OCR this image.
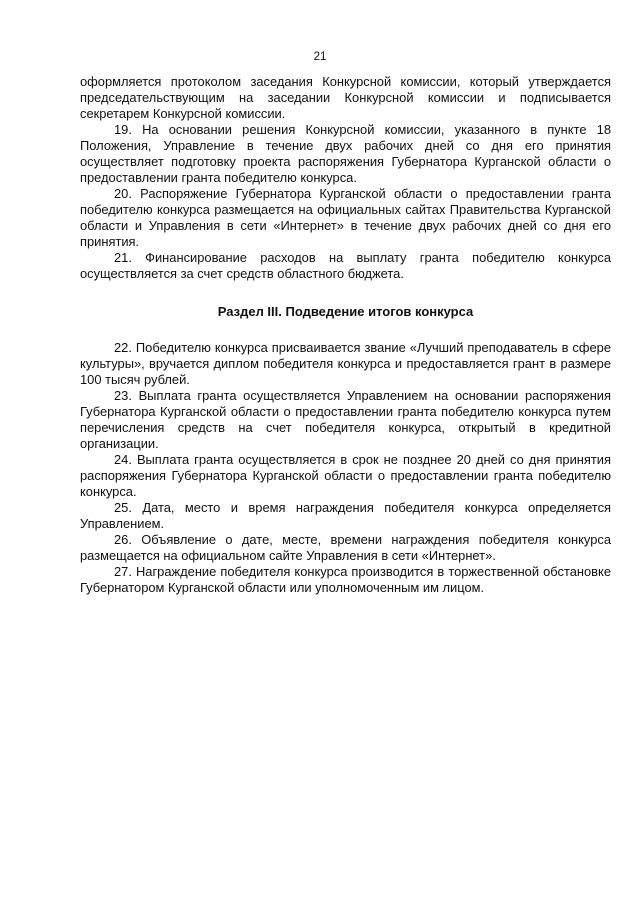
21

оформляется протоколом заседания Конкурсной комиссии, который утверждается председательствующим на заседании Конкурсной комиссии и подписывается секретарем Конкурсной комиссии.

19. На основании решения Конкурсной комиссии, указанного в пункте 18 Положения, Управление в течение двух рабочих дней со дня его принятия осуществляет подготовку проекта распоряжения Губернатора Курганской области о предоставлении гранта победителю конкурса.

20. Распоряжение Губернатора Курганской области о предоставлении гранта победителю конкурса размещается на официальных сайтах Правительства Курганской области и Управления в сети «Интернет» в течение двух рабочих дней со дня его принятия.

21. Финансирование расходов на выплату гранта победителю конкурса осуществляется за счет средств областного бюджета.

Раздел III. Подведение итогов конкурса

22. Победителю конкурса присваивается звание «Лучший преподаватель в сфере культуры», вручается диплом победителя конкурса и предоставляется грант в размере 100 тысяч рублей.

23. Выплата гранта осуществляется Управлением на основании распоряжения Губернатора Курганской области о предоставлении гранта победителю конкурса путем перечисления средств на счет победителя конкурса, открытый в кредитной организации.

24. Выплата гранта осуществляется в срок не позднее 20 дней со дня принятия распоряжения Губернатора Курганской области о предоставлении гранта победителю конкурса.

25. Дата, место и время награждения победителя конкурса определяется Управлением.

26. Объявление о дате, месте, времени награждения победителя конкурса размещается на официальном сайте Управления в сети «Интернет».

27. Награждение победителя конкурса производится в торжественной обстановке Губернатором Курганской области или уполномоченным им лицом.
